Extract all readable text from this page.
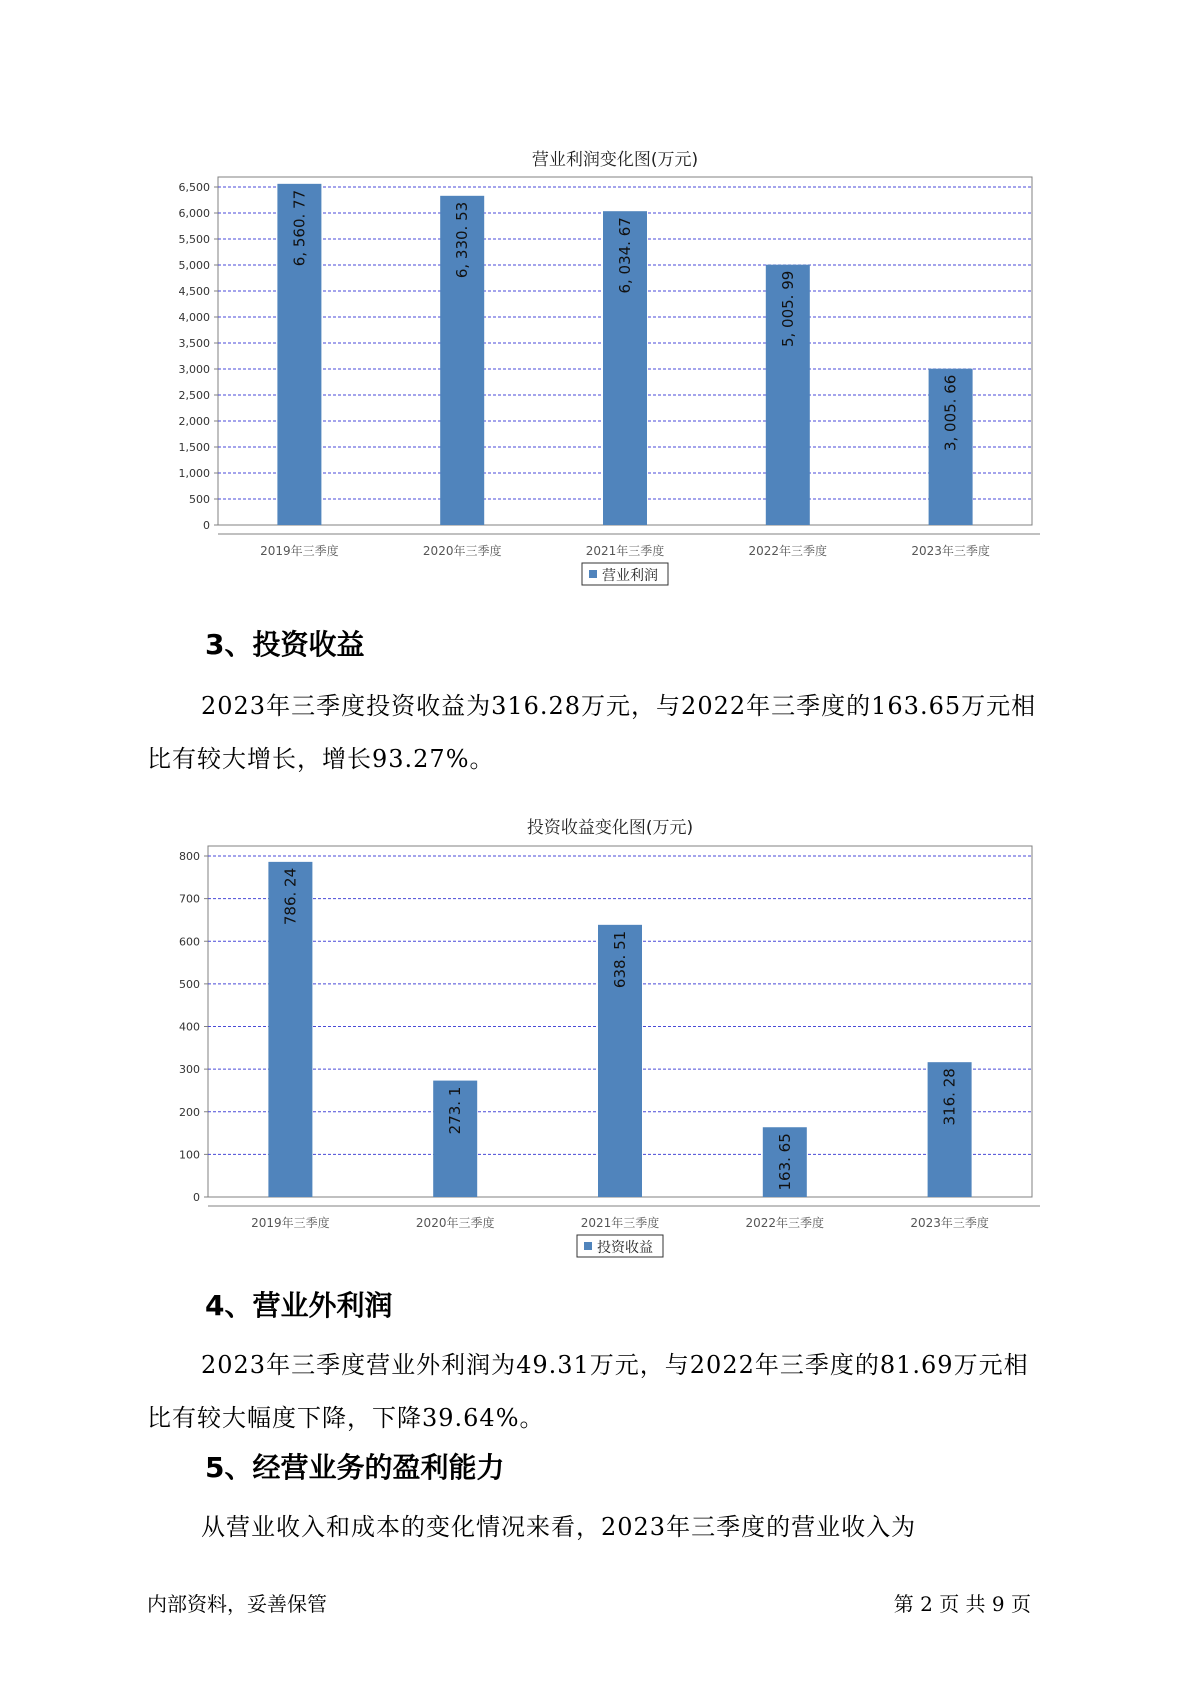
营业利润变化图(万元)
0
500
1,000
1,500
2,000
2,500
3,000
3,500
4,000
4,500
5,000
5,500
6,000
6,500
6, 560. 77
2019年三季度
6, 330. 53
2020年三季度
6, 034. 67
2021年三季度
5, 005. 99
2022年三季度
3, 005. 66
2023年三季度
营业利润
3、投资收益

2023年三季度投资收益为316.28万元，与2022年三季度的163.65万元相比有较大增长，增长93.27%。

投资收益变化图(万元)
0
100
200
300
400
500
600
700
800
786. 24
2019年三季度
273. 1
2020年三季度
638. 51
2021年三季度
163. 65
2022年三季度
316. 28
2023年三季度
投资收益
4、营业外利润

2023年三季度营业外利润为49.31万元，与2022年三季度的81.69万元相比有较大幅度下降，下降39.64%。

5、经营业务的盈利能力

从营业收入和成本的变化情况来看，2023年三季度的营业收入为

内部资料，妥善保管	第 2 页 共 9 页
